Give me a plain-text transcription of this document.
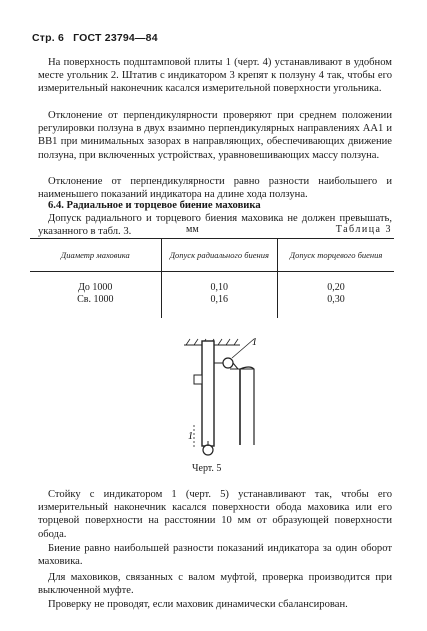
Стр. 6 ГОСТ 23794—84

На поверхность подштамповой плиты 1 (черт. 4) устанавливают в удобном месте угольник 2. Штатив с индикатором 3 крепят к ползуну 4 так, чтобы его измерительный наконечник касался измерительной поверхности угольника.

Отклонение от перпендикулярности проверяют при среднем положении регулировки ползуна в двух взаимно перпендикулярных направлениях AA1 и BB1 при минимальных зазорах в направляющих, обеспечивающих движение ползуна, при включенных устройствах, уравновешивающих массу ползуна.

Отклонение от перпендикулярности равно разности наибольшего и наименьшего показаний индикатора на длине хода ползуна.

6.4. Радиальное и торцевое биение маховика

Допуск радиального и торцевого биения маховика не должен превышать, указанного в табл. 3.	мм	Таблица 3
Диаметр маховика	Допуск радиального биения	Допуск торцевого биения
До 1000	0,10	0,20
Св. 1000	0,16	0,30

1
1
Черт. 5

Стойку с индикатором 1 (черт. 5) устанавливают так, чтобы его измерительный наконечник касался поверхности обода маховика или его торцевой поверхности на расстоянии 10 мм от образующей поверхности обода.

Биение равно наибольшей разности показаний индикатора за один оборот маховика.

Для маховиков, связанных с валом муфтой, проверка производится при выключенной муфте.

Проверку не проводят, если маховик динамически сбалансирован.
